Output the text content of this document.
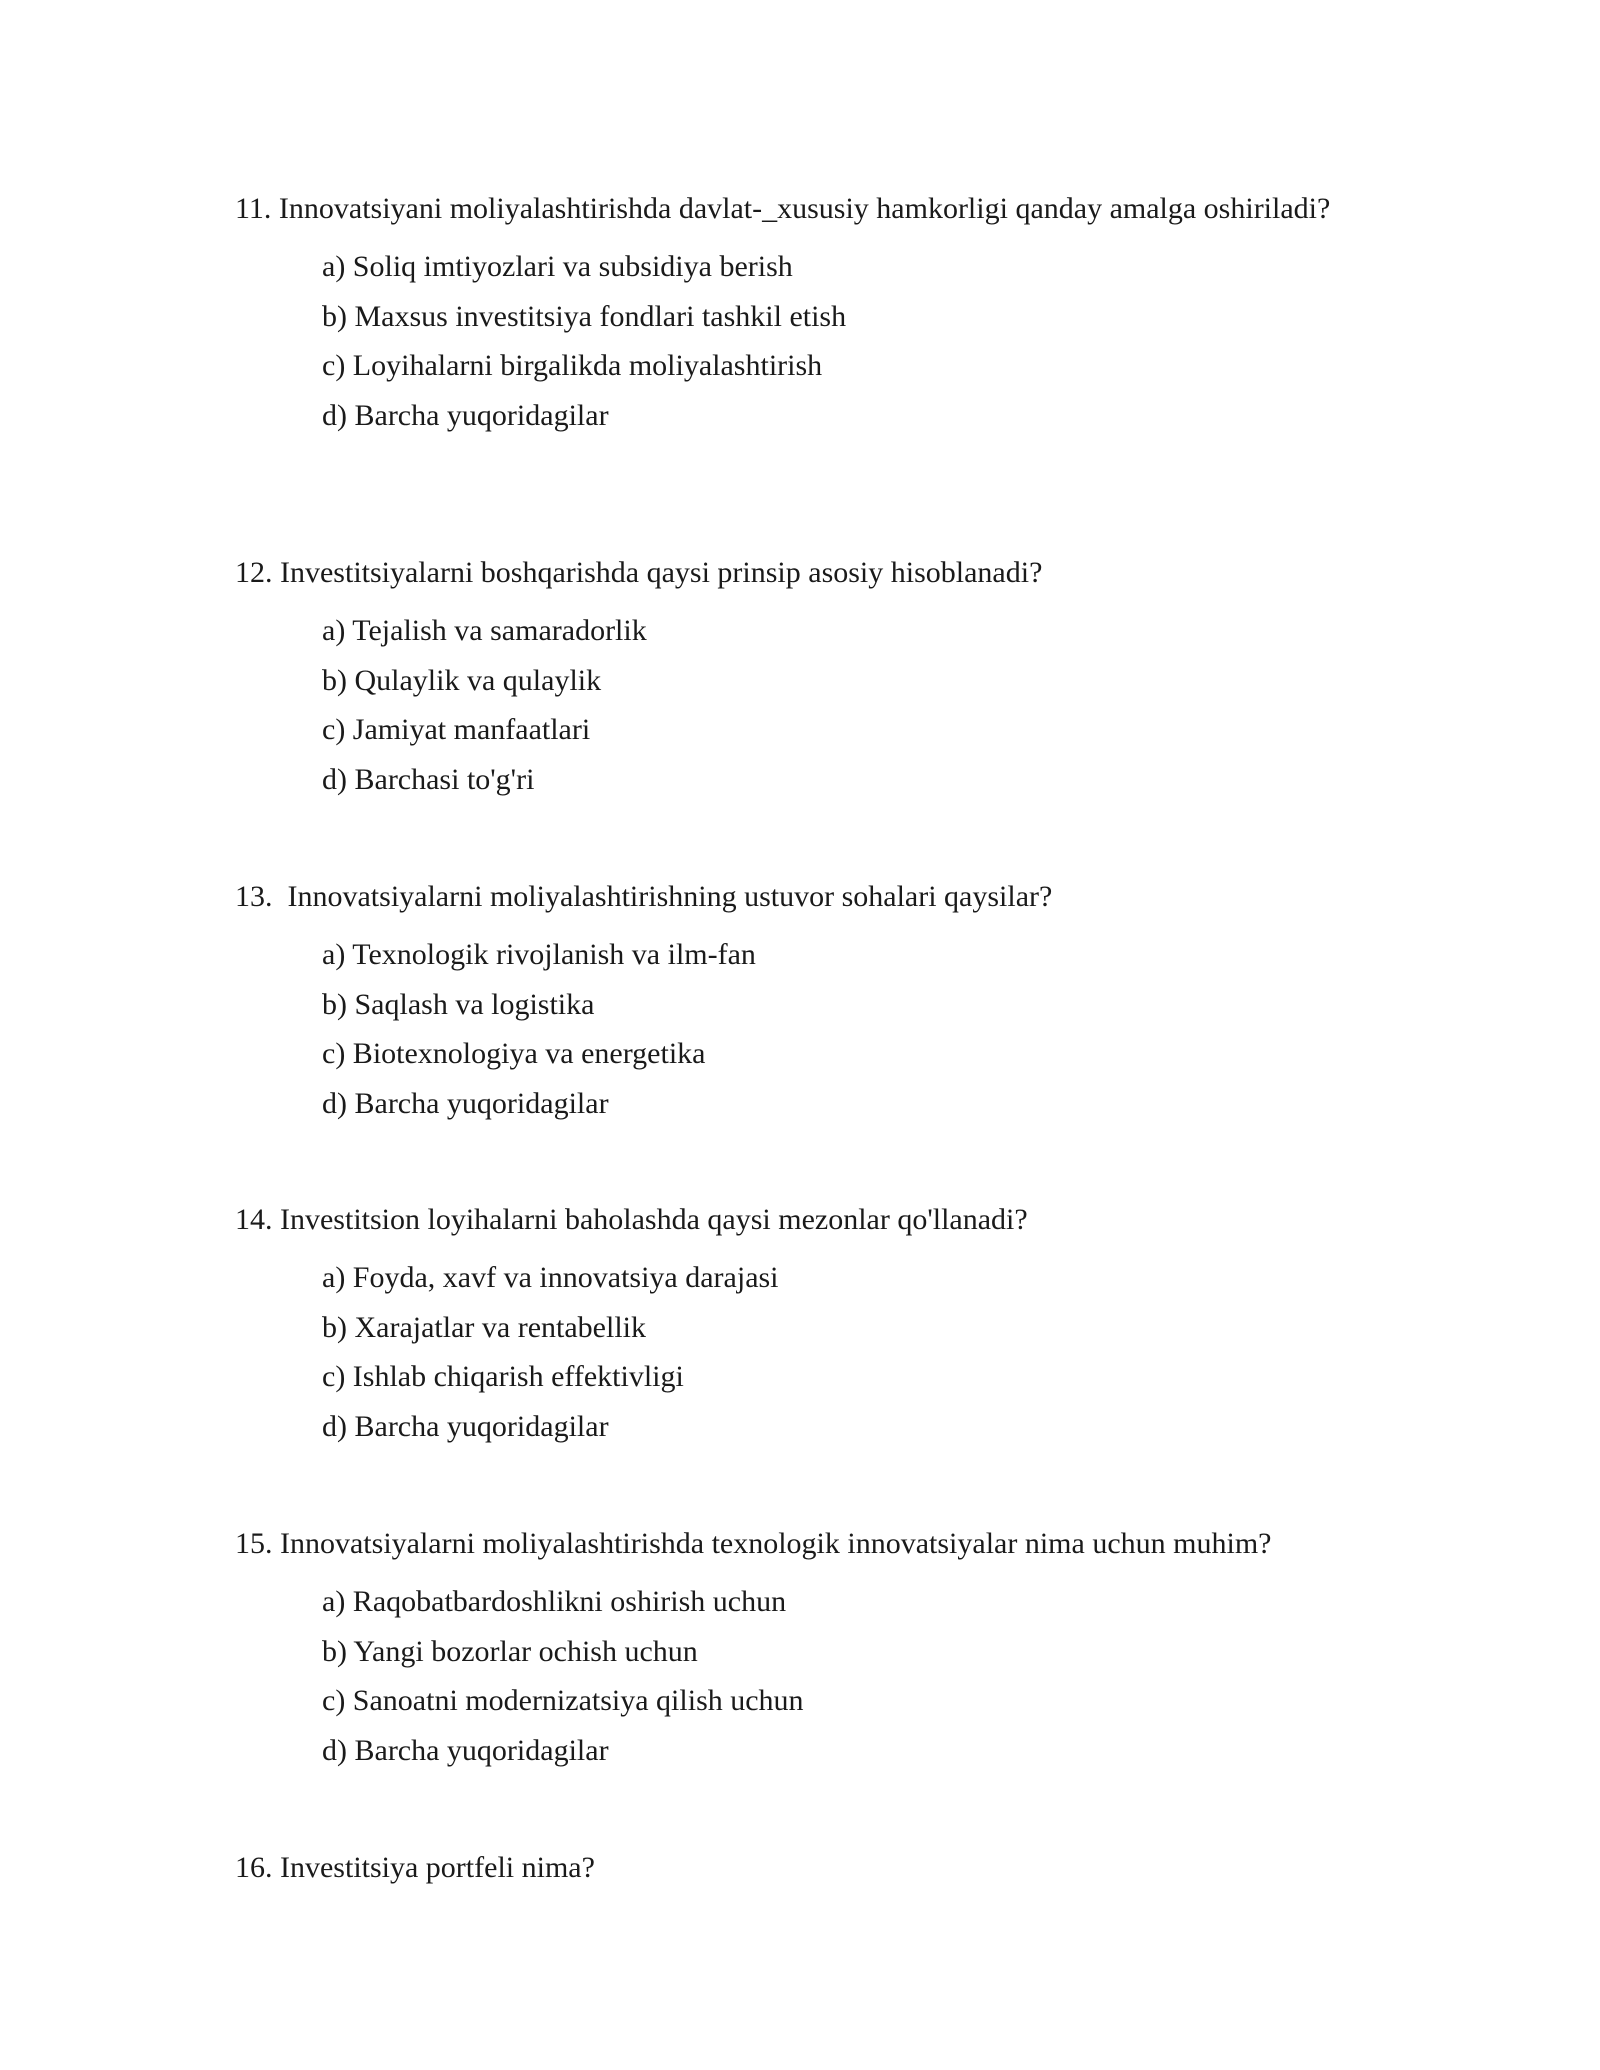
11. Innovatsiyani moliyalashtirishda davlat-_xususiy hamkorligi qanday amalga oshiriladi?

a) Soliq imtiyozlari va subsidiya berish
b) Maxsus investitsiya fondlari tashkil etish
c) Loyihalarni birgalikda moliyalashtirish
d) Barcha yuqoridagilar

12. Investitsiyalarni boshqarishda qaysi prinsip asosiy hisoblanadi?

a) Tejalish va samaradorlik
b) Qulaylik va qulaylik
c) Jamiyat manfaatlari
d) Barchasi to'g'ri

13.  Innovatsiyalarni moliyalashtirishning ustuvor sohalari qaysilar?

a) Texnologik rivojlanish va ilm-fan
b) Saqlash va logistika
c) Biotexnologiya va energetika
d) Barcha yuqoridagilar

14. Investitsion loyihalarni baholashda qaysi mezonlar qo'llanadi?

a) Foyda, xavf va innovatsiya darajasi
b) Xarajatlar va rentabellik
c) Ishlab chiqarish effektivligi
d) Barcha yuqoridagilar

15. Innovatsiyalarni moliyalashtirishda texnologik innovatsiyalar nima uchun muhim?

a) Raqobatbardoshlikni oshirish uchun
b) Yangi bozorlar ochish uchun
c) Sanoatni modernizatsiya qilish uchun
d) Barcha yuqoridagilar

16. Investitsiya portfeli nima?
